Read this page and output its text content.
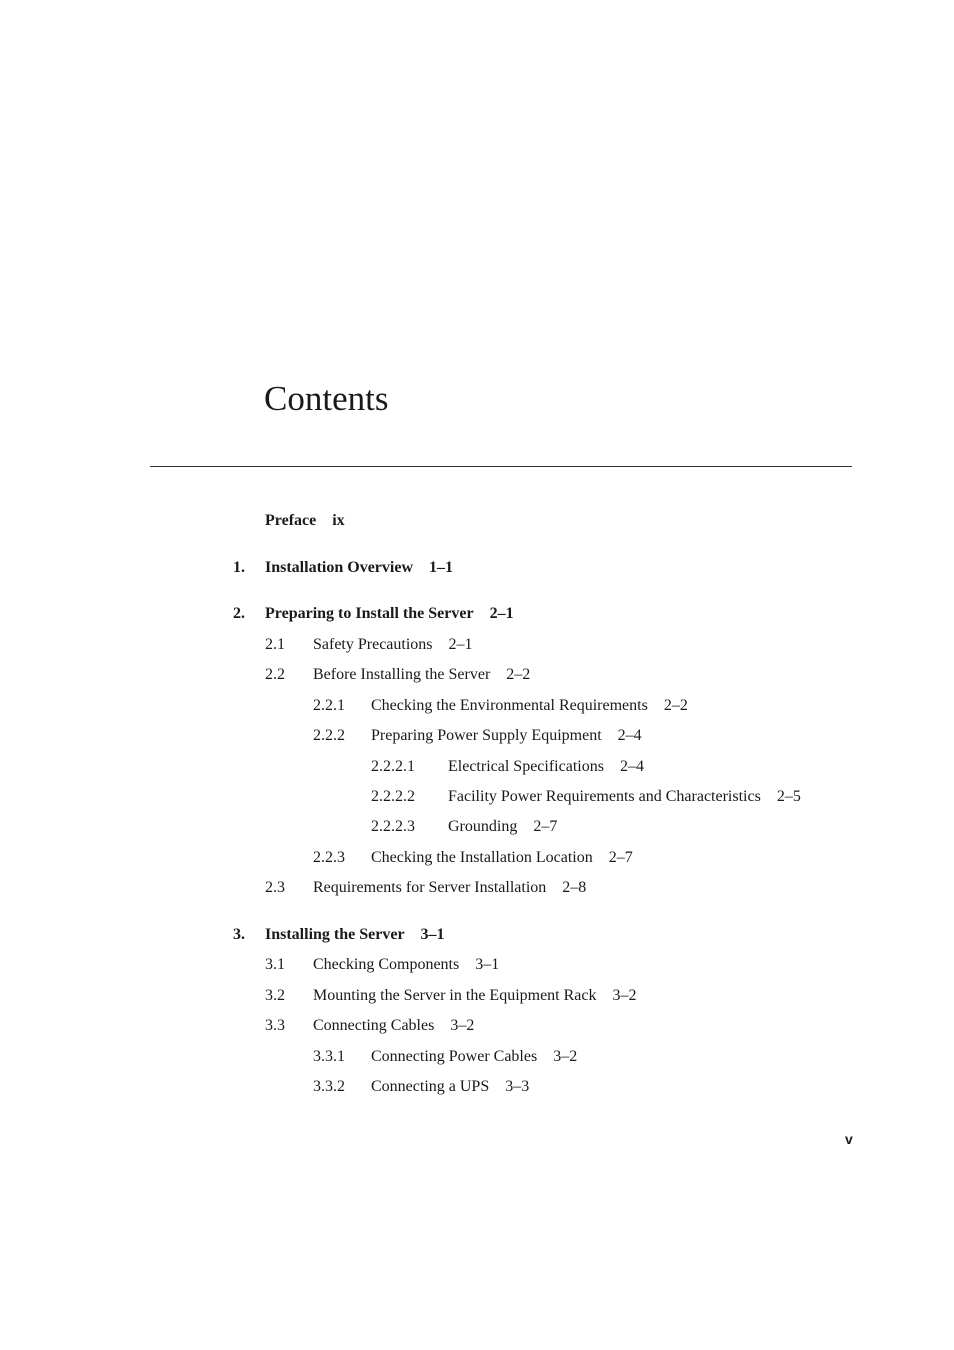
Contents
Preface ix
1. Installation Overview 1–1
2. Preparing to Install the Server 2–1
2.1 Safety Precautions 2–1
2.2 Before Installing the Server 2–2
2.2.1 Checking the Environmental Requirements 2–2
2.2.2 Preparing Power Supply Equipment 2–4
2.2.2.1 Electrical Specifications 2–4
2.2.2.2 Facility Power Requirements and Characteristics 2–5
2.2.2.3 Grounding 2–7
2.2.3 Checking the Installation Location 2–7
2.3 Requirements for Server Installation 2–8
3. Installing the Server 3–1
3.1 Checking Components 3–1
3.2 Mounting the Server in the Equipment Rack 3–2
3.3 Connecting Cables 3–2
3.3.1 Connecting Power Cables 3–2
3.3.2 Connecting a UPS 3–3
v
